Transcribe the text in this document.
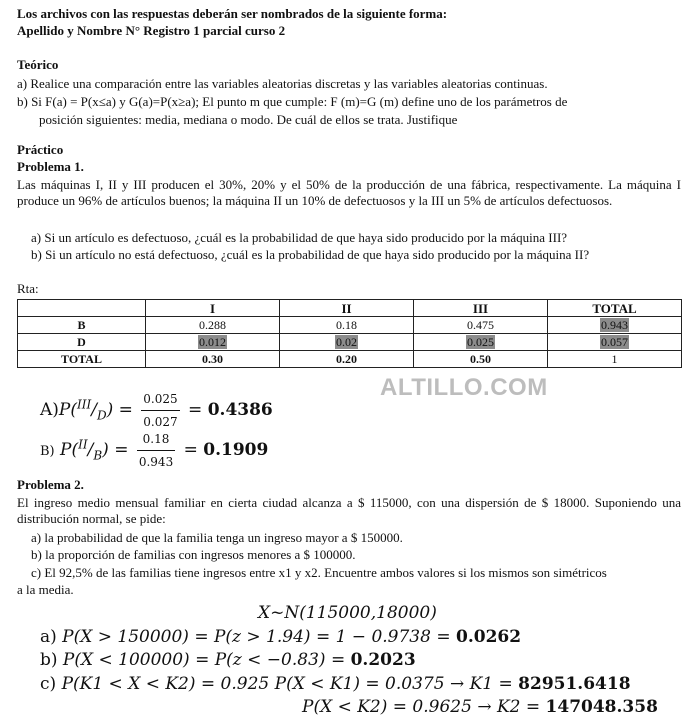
Los archivos con las respuestas deberán ser nombrados de la siguiente forma:
Apellido y Nombre N° Registro 1 parcial curso 2
Teórico
a) Realice una comparación entre las variables aleatorias discretas y las variables aleatorias continuas.
b) Si F(a) = P(x≤a) y G(a)=P(x≥a); El punto m que cumple: F (m)=G (m) define uno de los parámetros de
posición siguientes: media, mediana o modo. De cuál de ellos se trata. Justifique
Práctico
Problema 1.
Las máquinas I, II y III producen el 30%, 20% y el 50% de la producción de una fábrica, respectivamente. La máquina I produce un 96% de artículos buenos; la máquina II un 10% de defectuosos y la III un 5% de artículos defectuosos.
a) Si un artículo es defectuoso, ¿cuál es la probabilidad de que haya sido producido por la máquina III?
b) Si un artículo no está defectuoso, ¿cuál es la probabilidad de que haya sido producido por la máquina II?
Rta:
	I	II	III	TOTAL
B	0.288	0.18	0.475	0.943
D	0.012	0.02	0.025	0.057
TOTAL	0.30	0.20	0.50	1
$A)P(^{III}/_D) = \frac{0.025}{0.027} = 0.4386$
ALTILLO.COM
B) $P(^{II}/_B) = \frac{0.18}{0.943} = 0.1909$
Problema 2.
El ingreso medio mensual familiar en cierta ciudad alcanza a $ 115000, con una dispersión de $ 18000. Suponiendo una distribución normal, se pide:
a) la probabilidad de que la familia tenga un ingreso mayor a $ 150000.
b) la proporción de familias con ingresos menores a $ 100000.
c) El 92,5% de las familias tiene ingresos entre x1 y x2. Encuentre ambos valores si los mismos son simétricos
a la media.
X~N(115000,18000)
a) P(X > 150000) = P(z > 1.94) = 1 − 0.9738 = 0.0262
b) P(X < 100000) = P(z < −0.83) = 0.2023
c) P(K1 < X < K2) = 0.925 P(X < K1) = 0.0375 → K1 = 82951.6418
P(X < K2) = 0.9625 → K2 = 147048.358
